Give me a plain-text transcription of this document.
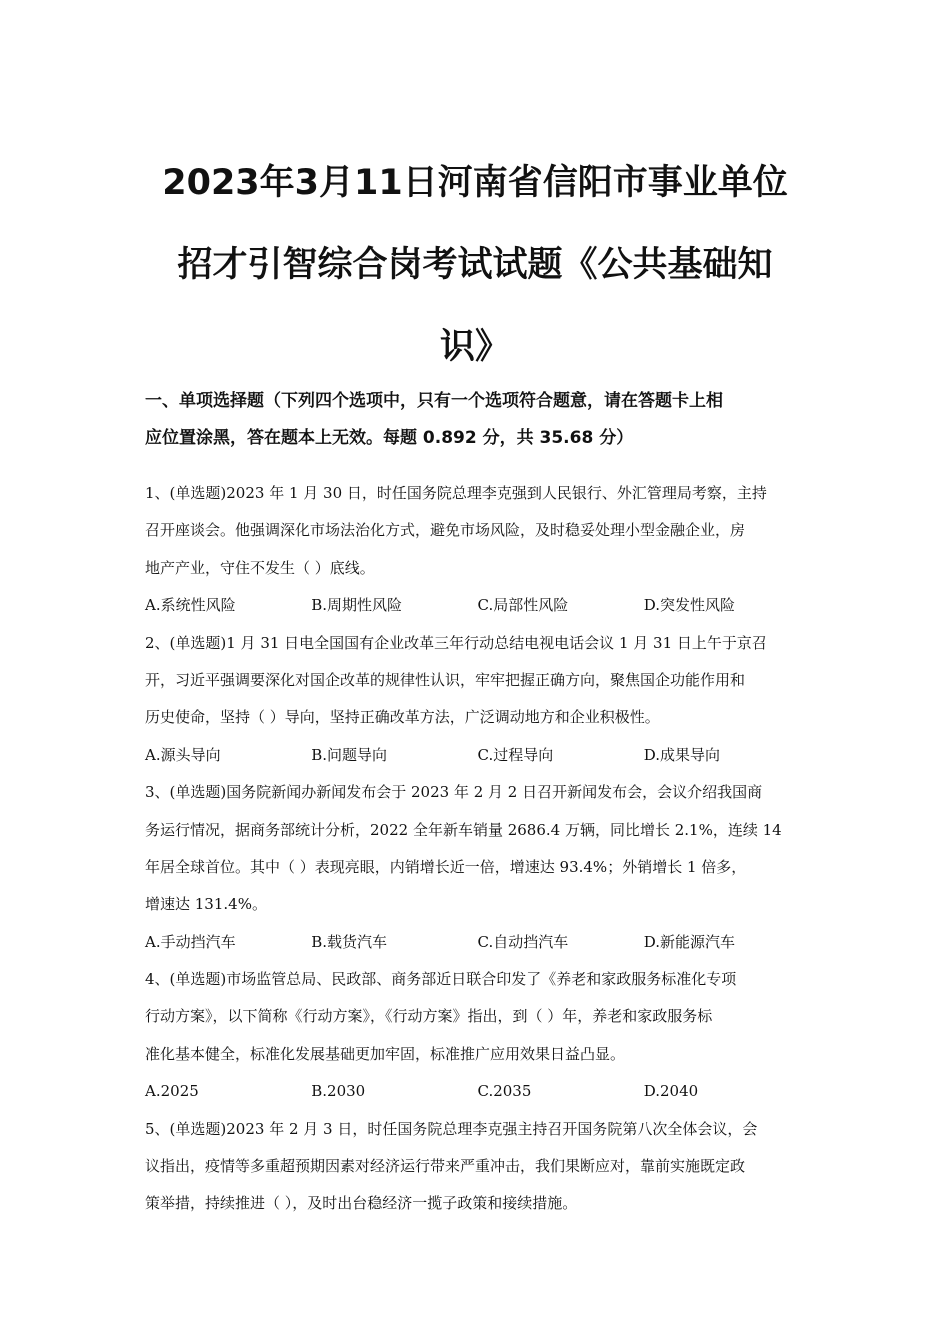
2023年3月11日河南省信阳市事业单位
招才引智综合岗考试试题《公共基础知
识》
一、单项选择题（下列四个选项中，只有一个选项符合题意，请在答题卡上相
应位置涂黑，答在题本上无效。每题 0.892 分，共 35.68 分）
1、(单选题)2023 年 1 月 30 日，时任国务院总理李克强到人民银行、外汇管理局考察，主持
召开座谈会。他强调深化市场法治化方式，避免市场风险，及时稳妥处理小型金融企业，房
地产产业，守住不发生（ ）底线。
A.系统性风险	B.周期性风险	C.局部性风险	D.突发性风险
2、(单选题)1 月 31 日电全国国有企业改革三年行动总结电视电话会议 1 月 31 日上午于京召
开，习近平强调要深化对国企改革的规律性认识，牢牢把握正确方向，聚焦国企功能作用和
历史使命，坚持（ ）导向，坚持正确改革方法，广泛调动地方和企业积极性。
A.源头导向	B.问题导向	C.过程导向	D.成果导向
3、(单选题)国务院新闻办新闻发布会于 2023 年 2 月 2 日召开新闻发布会，会议介绍我国商
务运行情况，据商务部统计分析，2022 全年新车销量 2686.4 万辆，同比增长 2.1%，连续 14
年居全球首位。其中（ ）表现亮眼，内销增长近一倍，增速达 93.4%；外销增长 1 倍多，
增速达 131.4%。
A.手动挡汽车	B.载货汽车	C.自动挡汽车	D.新能源汽车
4、(单选题)市场监管总局、民政部、商务部近日联合印发了《养老和家政服务标准化专项
行动方案》，以下简称《行动方案》，《行动方案》指出，到（ ）年，养老和家政服务标
准化基本健全，标准化发展基础更加牢固，标准推广应用效果日益凸显。
A.2025	B.2030	C.2035	D.2040
5、(单选题)2023 年 2 月 3 日，时任国务院总理李克强主持召开国务院第八次全体会议，会
议指出，疫情等多重超预期因素对经济运行带来严重冲击，我们果断应对，靠前实施既定政
策举措，持续推进（ ），及时出台稳经济一揽子政策和接续措施。
